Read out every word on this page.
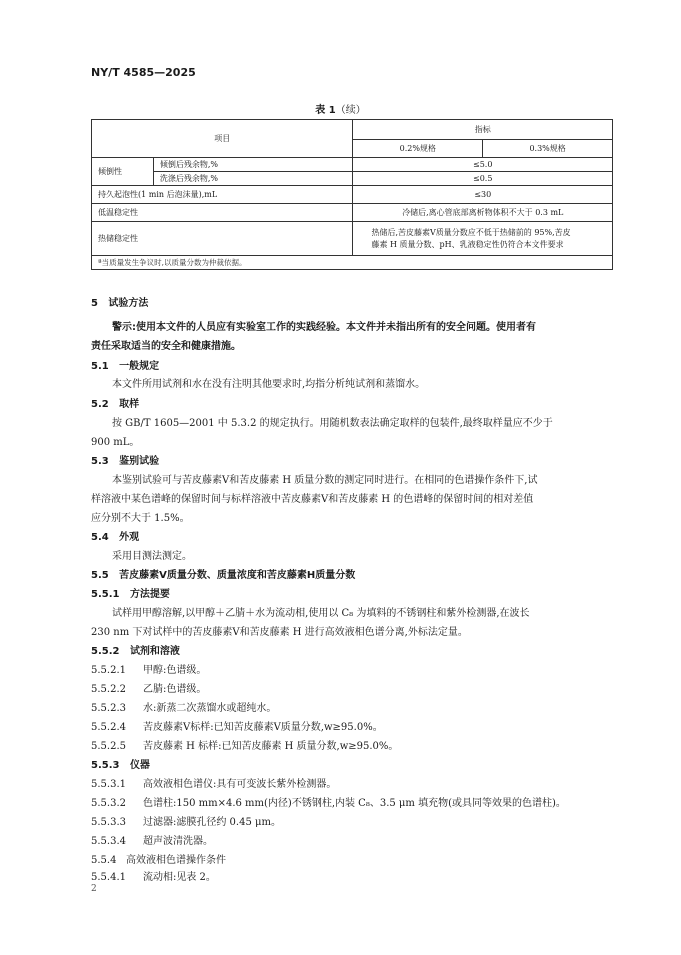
NY/T 4585—2025
表 1（续）
项目		指标	
		0.2%规格	0.3%规格
倾倒性	倾倒后残余物,%	≤5.0	
	洗涤后残余物,%	≤0.5	
持久起泡性(1 min 后泡沫量),mL		≤30	
低温稳定性		冷储后,离心管底部离析物体积不大于 0.3 mL	
热储稳定性		热储后,苦皮藤素Ⅴ质量分数应不低于热储前的 95%,苦皮
藤素 H 质量分数、pH、乳液稳定性仍符合本文件要求	

ª当质量发生争议时,以质量分数为仲裁依据。			
5 试验方法
警示:使用本文件的人员应有实验室工作的实践经验。本文件并未指出所有的安全问题。使用者有
责任采取适当的安全和健康措施。
5.1 一般规定
本文件所用试剂和水在没有注明其他要求时,均指分析纯试剂和蒸馏水。
5.2 取样
按 GB/T 1605—2001 中 5.3.2 的规定执行。用随机数表法确定取样的包装件,最终取样量应不少于
900 mL。
5.3 鉴别试验
本鉴别试验可与苦皮藤素Ⅴ和苦皮藤素 H 质量分数的测定同时进行。在相同的色谱操作条件下,试
样溶液中某色谱峰的保留时间与标样溶液中苦皮藤素Ⅴ和苦皮藤素 H 的色谱峰的保留时间的相对差值
应分别不大于 1.5%。
5.4 外观
采用目测法测定。
5.5 苦皮藤素Ⅴ质量分数、质量浓度和苦皮藤素H质量分数
5.5.1 方法提要
试样用甲醇溶解,以甲醇＋乙腈＋水为流动相,使用以 C₈ 为填料的不锈钢柱和紫外检测器,在波长
230 nm 下对试样中的苦皮藤素Ⅴ和苦皮藤素 H 进行高效液相色谱分离,外标法定量。
5.5.2 试剂和溶液
5.5.2.1 甲醇:色谱级。
5.5.2.2 乙腈:色谱级。
5.5.2.3 水:新蒸二次蒸馏水或超纯水。
5.5.2.4 苦皮藤素Ⅴ标样:已知苦皮藤素Ⅴ质量分数,w≥95.0%。
5.5.2.5 苦皮藤素 H 标样:已知苦皮藤素 H 质量分数,w≥95.0%。
5.5.3 仪器
5.5.3.1 高效液相色谱仪:具有可变波长紫外检测器。
5.5.3.2 色谱柱:150 mm×4.6 mm(内径)不锈钢柱,内装 C₈、3.5 μm 填充物(或具同等效果的色谱柱)。
5.5.3.3 过滤器:滤膜孔径约 0.45 μm。
5.5.3.4 超声波清洗器。
5.5.4 高效液相色谱操作条件
5.5.4.1 流动相:见表 2。
2
